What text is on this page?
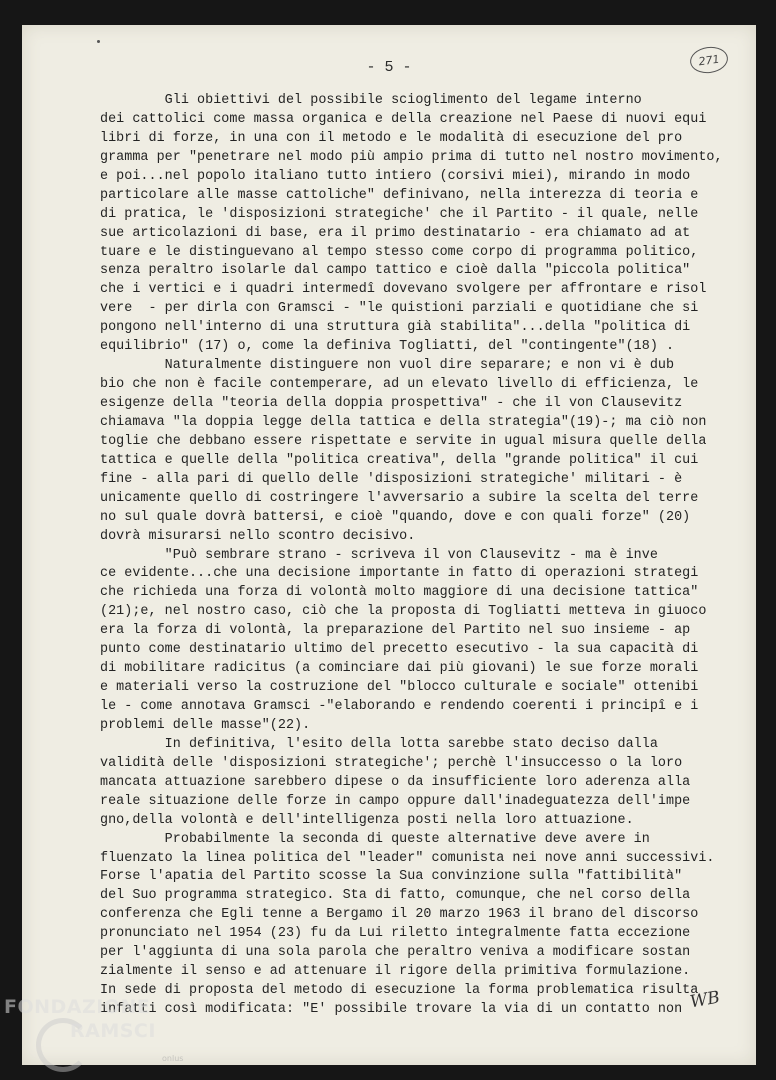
- 5 -	271
Gli obiettivi del possibile scioglimento del legame interno
dei cattolici come massa organica e della creazione nel Paese di nuovi equi
libri di forze, in una con il metodo e le modalità di esecuzione del pro
gramma per "penetrare nel modo più ampio prima di tutto nel nostro movimento,
e poi...nel popolo italiano tutto intiero (corsivi miei), mirando in modo
particolare alle masse cattoliche" definivano, nella interezza di teoria e
di pratica, le 'disposizioni strategiche' che il Partito - il quale, nelle
sue articolazioni di base, era il primo destinatario - era chiamato ad at
tuare e le distinguevano al tempo stesso come corpo di programma politico,
senza peraltro isolarle dal campo tattico e cioè dalla "piccola politica"
che i vertici e i quadri intermedî dovevano svolgere per affrontare e risol
vere  - per dirla con Gramsci - "le quistioni parziali e quotidiane che si
pongono nell'interno di una struttura già stabilita"...della "politica di
equilibrio" (17) o, come la definiva Togliatti, del "contingente"(18) .
Naturalmente distinguere non vuol dire separare; e non vi è dub
bio che non è facile contemperare, ad un elevato livello di efficienza, le
esigenze della "teoria della doppia prospettiva" - che il von Clausevitz
chiamava "la doppia legge della tattica e della strategia"(19)-; ma ciò non
toglie che debbano essere rispettate e servite in ugual misura quelle della
tattica e quelle della "politica creativa", della "grande politica" il cui
fine - alla pari di quello delle 'disposizioni strategiche' militari - è
unicamente quello di costringere l'avversario a subire la scelta del terre
no sul quale dovrà battersi, e cioè "quando, dove e con quali forze" (20)
dovrà misurarsi nello scontro decisivo.
"Può sembrare strano - scriveva il von Clausevitz - ma è inve
ce evidente...che una decisione importante in fatto di operazioni strategi
che richieda una forza di volontà molto maggiore di una decisione tattica"
(21);e, nel nostro caso, ciò che la proposta di Togliatti metteva in giuoco
era la forza di volontà, la preparazione del Partito nel suo insieme - ap
punto come destinatario ultimo del precetto esecutivo - la sua capacità di
di mobilitare radicitus (a cominciare dai più giovani) le sue forze morali
e materiali verso la costruzione del "blocco culturale e sociale" ottenibi
le - come annotava Gramsci -"elaborando e rendendo coerenti i principî e i
problemi delle masse"(22).
In definitiva, l'esito della lotta sarebbe stato deciso dalla
validità delle 'disposizioni strategiche'; perchè l'insuccesso o la loro
mancata attuazione sarebbero dipese o da insufficiente loro aderenza alla
reale situazione delle forze in campo oppure dall'inadeguatezza dell'impe
gno,della volontà e dell'intelligenza posti nella loro attuazione.
Probabilmente la seconda di queste alternative deve avere in
fluenzato la linea politica del "leader" comunista nei nove anni successivi.
Forse l'apatia del Partito scosse la Sua convinzione sulla "fattibilità"
del Suo programma strategico. Sta di fatto, comunque, che nel corso della
conferenza che Egli tenne a Bergamo il 20 marzo 1963 il brano del discorso
pronunciato nel 1954 (23) fu da Lui riletto integralmente fatta eccezione
per l'aggiunta di una sola parola che peraltro veniva a modificare sostan
zialmente il senso e ad attenuare il rigore della primitiva formulazione.
In sede di proposta del metodo di esecuzione la forma problematica risulta
infatti così modificata: "E' possibile trovare la via di un contatto non WB
FONDAZIONE
RAMSCI
onlus
